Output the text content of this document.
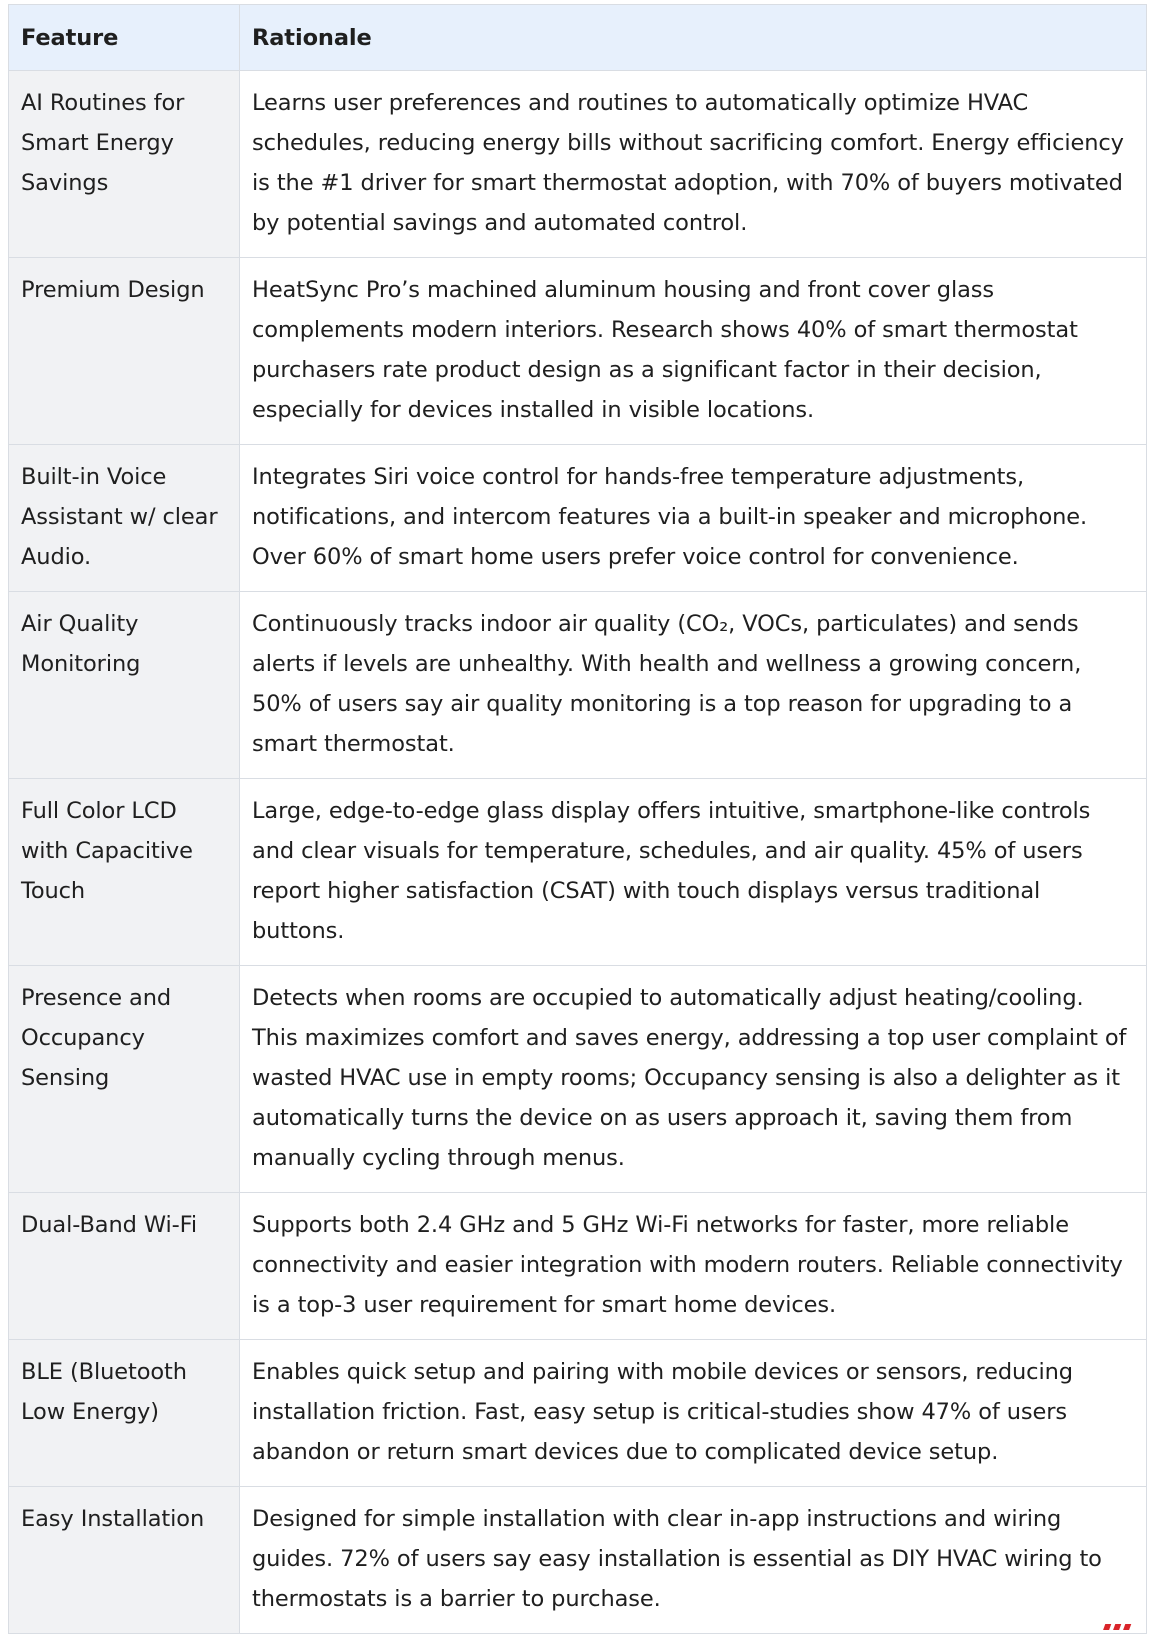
Feature	Rationale
AI Routines for Smart Energy Savings	Learns user preferences and routines to automatically optimize HVAC schedules, reducing energy bills without sacrificing comfort. Energy efficiency is the #1 driver for smart thermostat adoption, with 70% of buyers motivated by potential savings and automated control.
Premium Design	HeatSync Pro’s machined aluminum housing and front cover glass complements modern interiors. Research shows 40% of smart thermostat purchasers rate product design as a significant factor in their decision, especially for devices installed in visible locations.
Built-in Voice Assistant w/ clear Audio.	Integrates Siri voice control for hands-free temperature adjustments, notifications, and intercom features via a built-in speaker and microphone. Over 60% of smart home users prefer voice control for convenience.
Air Quality Monitoring	Continuously tracks indoor air quality (CO₂, VOCs, particulates) and sends alerts if levels are unhealthy. With health and wellness a growing concern, 50% of users say air quality monitoring is a top reason for upgrading to a smart thermostat.
Full Color LCD with Capacitive Touch	Large, edge-to-edge glass display offers intuitive, smartphone-like controls and clear visuals for temperature, schedules, and air quality. 45% of users report higher satisfaction (CSAT) with touch displays versus traditional buttons.
Presence and Occupancy Sensing	Detects when rooms are occupied to automatically adjust heating/cooling. This maximizes comfort and saves energy, addressing a top user complaint of wasted HVAC use in empty rooms; Occupancy sensing is also a delighter as it automatically turns the device on as users approach it, saving them from manually cycling through menus.
Dual-Band Wi-Fi	Supports both 2.4 GHz and 5 GHz Wi-Fi networks for faster, more reliable connectivity and easier integration with modern routers. Reliable connectivity is a top-3 user requirement for smart home devices.
BLE (Bluetooth Low Energy)	Enables quick setup and pairing with mobile devices or sensors, reducing installation friction. Fast, easy setup is critical-studies show 47% of users abandon or return smart devices due to complicated device setup.
Easy Installation	Designed for simple installation with clear in-app instructions and wiring guides. 72% of users say easy installation is essential as DIY HVAC wiring to thermostats is a barrier to purchase.
